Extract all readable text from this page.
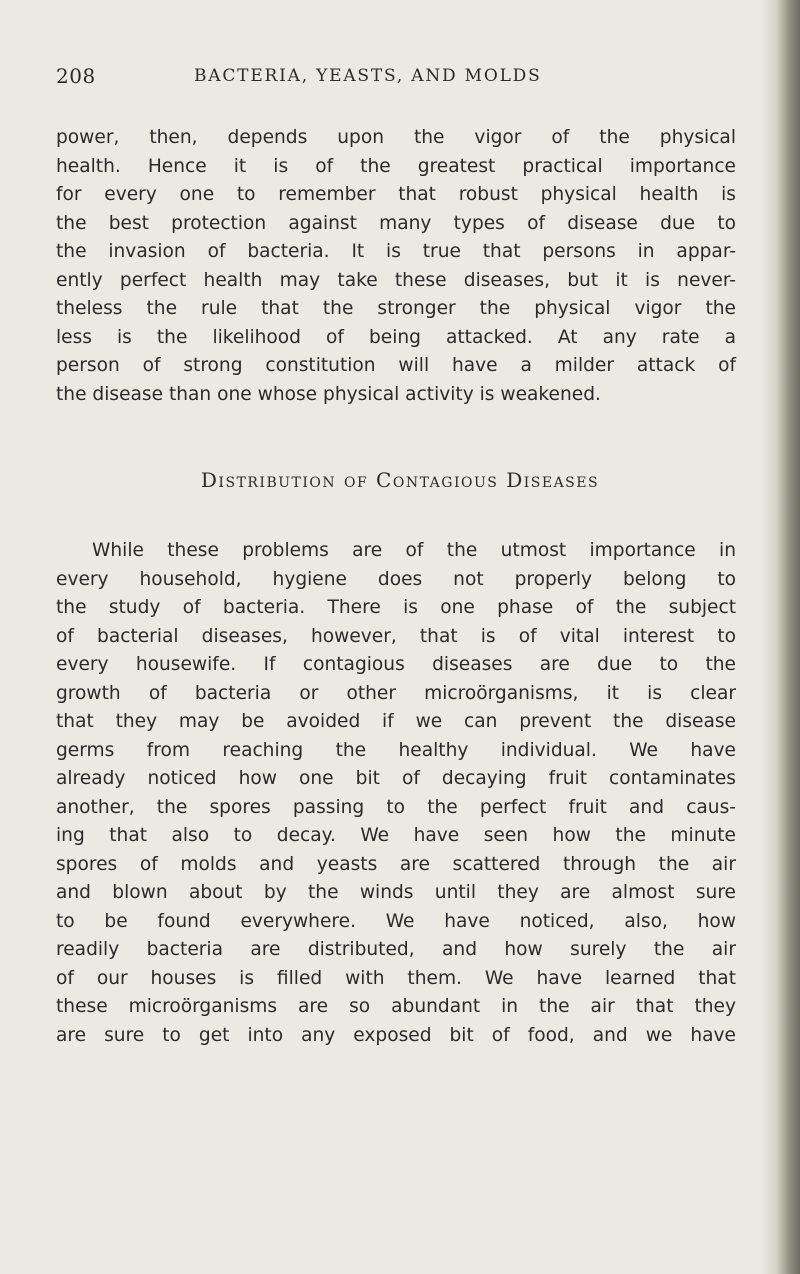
208	BACTERIA, YEASTS, AND MOLDS
power, then, depends upon the vigor of the physical
health. Hence it is of the greatest practical importance
for every one to remember that robust physical health is
the best protection against many types of disease due to
the invasion of bacteria. It is true that persons in appar-
ently perfect health may take these diseases, but it is never-
theless the rule that the stronger the physical vigor the
less is the likelihood of being attacked. At any rate a
person of strong constitution will have a milder attack of
the disease than one whose physical activity is weakened.
Distribution of Contagious Diseases
While these problems are of the utmost importance in
every household, hygiene does not properly belong to
the study of bacteria. There is one phase of the subject
of bacterial diseases, however, that is of vital interest to
every housewife. If contagious diseases are due to the
growth of bacteria or other microörganisms, it is clear
that they may be avoided if we can prevent the disease
germs from reaching the healthy individual. We have
already noticed how one bit of decaying fruit contaminates
another, the spores passing to the perfect fruit and caus-
ing that also to decay. We have seen how the minute
spores of molds and yeasts are scattered through the air
and blown about by the winds until they are almost sure
to be found everywhere. We have noticed, also, how
readily bacteria are distributed, and how surely the air
of our houses is filled with them. We have learned that
these microörganisms are so abundant in the air that they
are sure to get into any exposed bit of food, and we have
